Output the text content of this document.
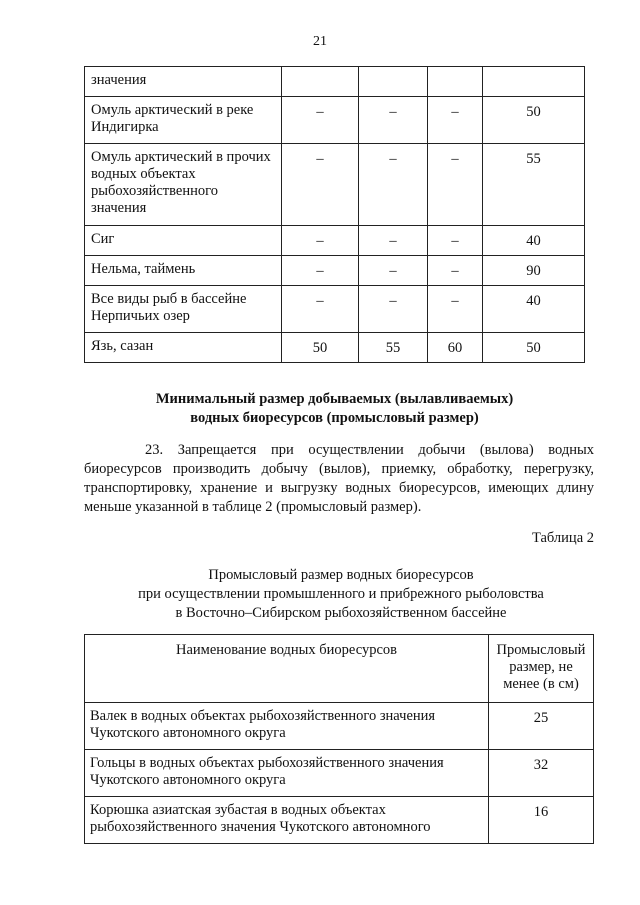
21
значения				
Омуль арктический в реке Индигирка	–	–	–	50
Омуль арктический в прочих водных объектах рыбохозяйственного значения	–	–	–	55
Сиг	–	–	–	40
Нельма, таймень	–	–	–	90
Все виды рыб в бассейне Нерпичьих озер	–	–	–	40
Язь, сазан	50	55	60	50
Минимальный размер добываемых (вылавливаемых)
водных биоресурсов (промысловый размер)

23. Запрещается при осуществлении добычи (вылова) водных биоресурсов производить добычу (вылов), приемку, обработку, перегрузку, транспортировку, хранение и выгрузку водных биоресурсов, имеющих длину меньше указанной в таблице 2 (промысловый размер).

Таблица 2
Промысловый размер водных биоресурсов
при осуществлении промышленного и прибрежного рыболовства
в Восточно–Сибирском рыбохозяйственном бассейне
Наименование водных биоресурсов	Промысловый размер, не менее (в см)
Валек в водных объектах рыбохозяйственного значения Чукотского автономного округа	25
Гольцы в водных объектах рыбохозяйственного значения Чукотского автономного округа	32
Корюшка азиатская зубастая в водных объектах рыбохозяйственного значения Чукотского автономного	16
